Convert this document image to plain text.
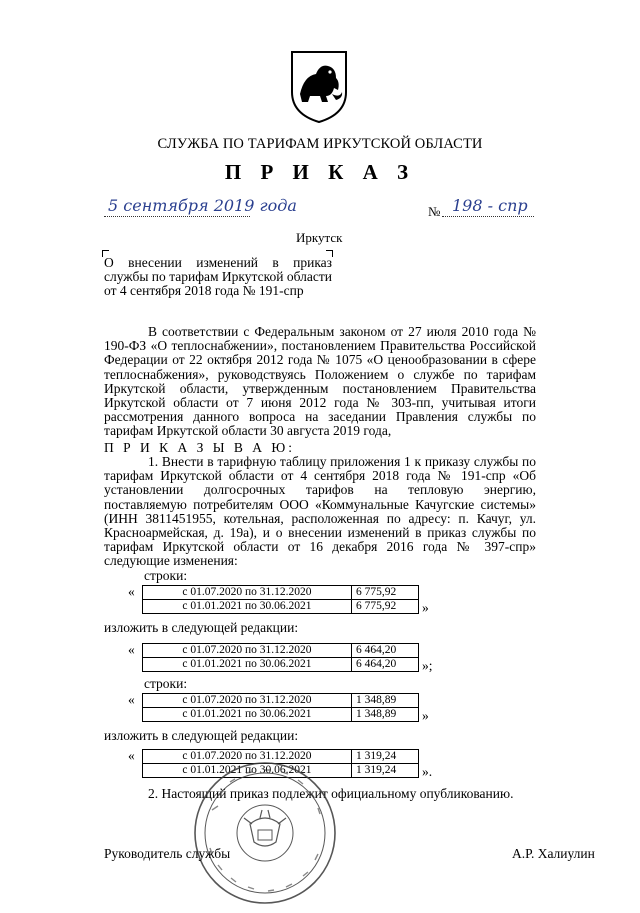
СЛУЖБА ПО ТАРИФАМ ИРКУТСКОЙ ОБЛАСТИ
П Р И К А З
5 сентября 2019 года	№ 198 - спр
Иркутск
О внесении изменений в приказ службы по тарифам Иркутской области от 4 сентября 2018 года № 191-спр
В соответствии с Федеральным законом от 27 июля 2010 года № 190-ФЗ «О теплоснабжении», постановлением Правительства Российской Федерации от 22 октября 2012 года № 1075 «О ценообразовании в сфере теплоснабжения», руководствуясь Положением о службе по тарифам Иркутской области, утвержденным постановлением Правительства Иркутской области от 7 июня 2012 года № 303-пп, учитывая итоги рассмотрения данного вопроса на заседании Правления службы по тарифам Иркутской области 30 августа 2019 года,
П Р И К А З Ы В А Ю:
1. Внести в тарифную таблицу приложения 1 к приказу службы по тарифам Иркутской области от 4 сентября 2018 года № 191-спр «Об установлении долгосрочных тарифов на тепловую энергию, поставляемую потребителям ООО «Коммунальные Качугские системы» (ИНН 3811451955, котельная, расположенная по адресу: п. Качуг, ул. Красноармейская, д. 19а), и о внесении изменений в приказ службы по тарифам Иркутской области от 16 декабря 2016 года № 397-спр» следующие изменения:
строки:
«	с 01.07.2020 по 31.12.2020	6 775,92
с 01.01.2021 по 30.06.2021	6 775,92 »
изложить в следующей редакции:
«	с 01.07.2020 по 31.12.2020	6 464,20
с 01.01.2021 по 30.06.2021	6 464,20 »;
строки:
«	с 01.07.2020 по 31.12.2020	1 348,89
с 01.01.2021 по 30.06.2021	1 348,89 »
изложить в следующей редакции:
«	с 01.07.2020 по 31.12.2020	1 319,24
с 01.01.2021 по 30.06.2021	1 319,24 ».
2. Настоящий приказ подлежит официальному опубликованию.
Руководитель службы	А.Р. Халиулин
